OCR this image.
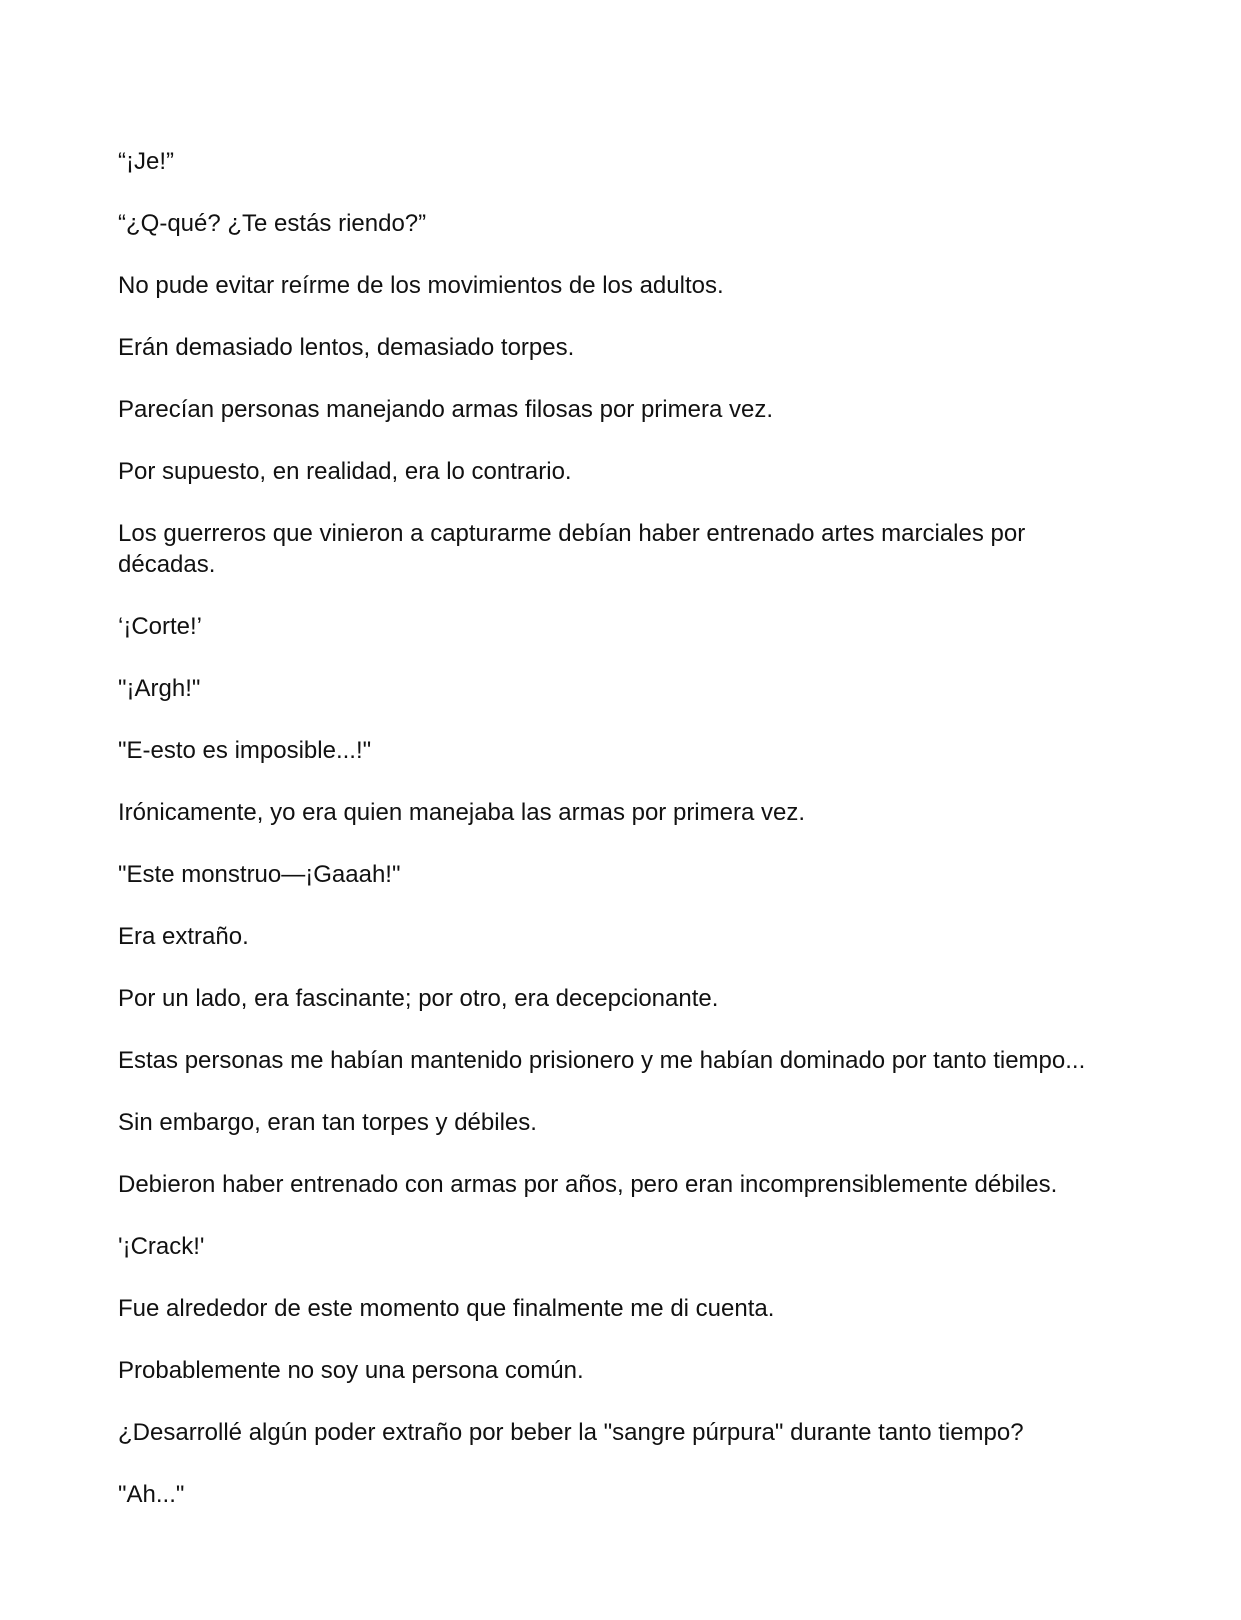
“¡Je!”

“¿Q-qué? ¿Te estás riendo?”

No pude evitar reírme de los movimientos de los adultos.

Erán demasiado lentos, demasiado torpes.

Parecían personas manejando armas filosas por primera vez.

Por supuesto, en realidad, era lo contrario.

Los guerreros que vinieron a capturarme debían haber entrenado artes marciales por décadas.

‘¡Corte!’

"¡Argh!"

"E-esto es imposible...!"

Irónicamente, yo era quien manejaba las armas por primera vez.

"Este monstruo—¡Gaaah!"

Era extraño.

Por un lado, era fascinante; por otro, era decepcionante.

Estas personas me habían mantenido prisionero y me habían dominado por tanto tiempo...

Sin embargo, eran tan torpes y débiles.

Debieron haber entrenado con armas por años, pero eran incomprensiblemente débiles.

'¡Crack!'

Fue alrededor de este momento que finalmente me di cuenta.

Probablemente no soy una persona común.

¿Desarrollé algún poder extraño por beber la "sangre púrpura" durante tanto tiempo?

"Ah..."
